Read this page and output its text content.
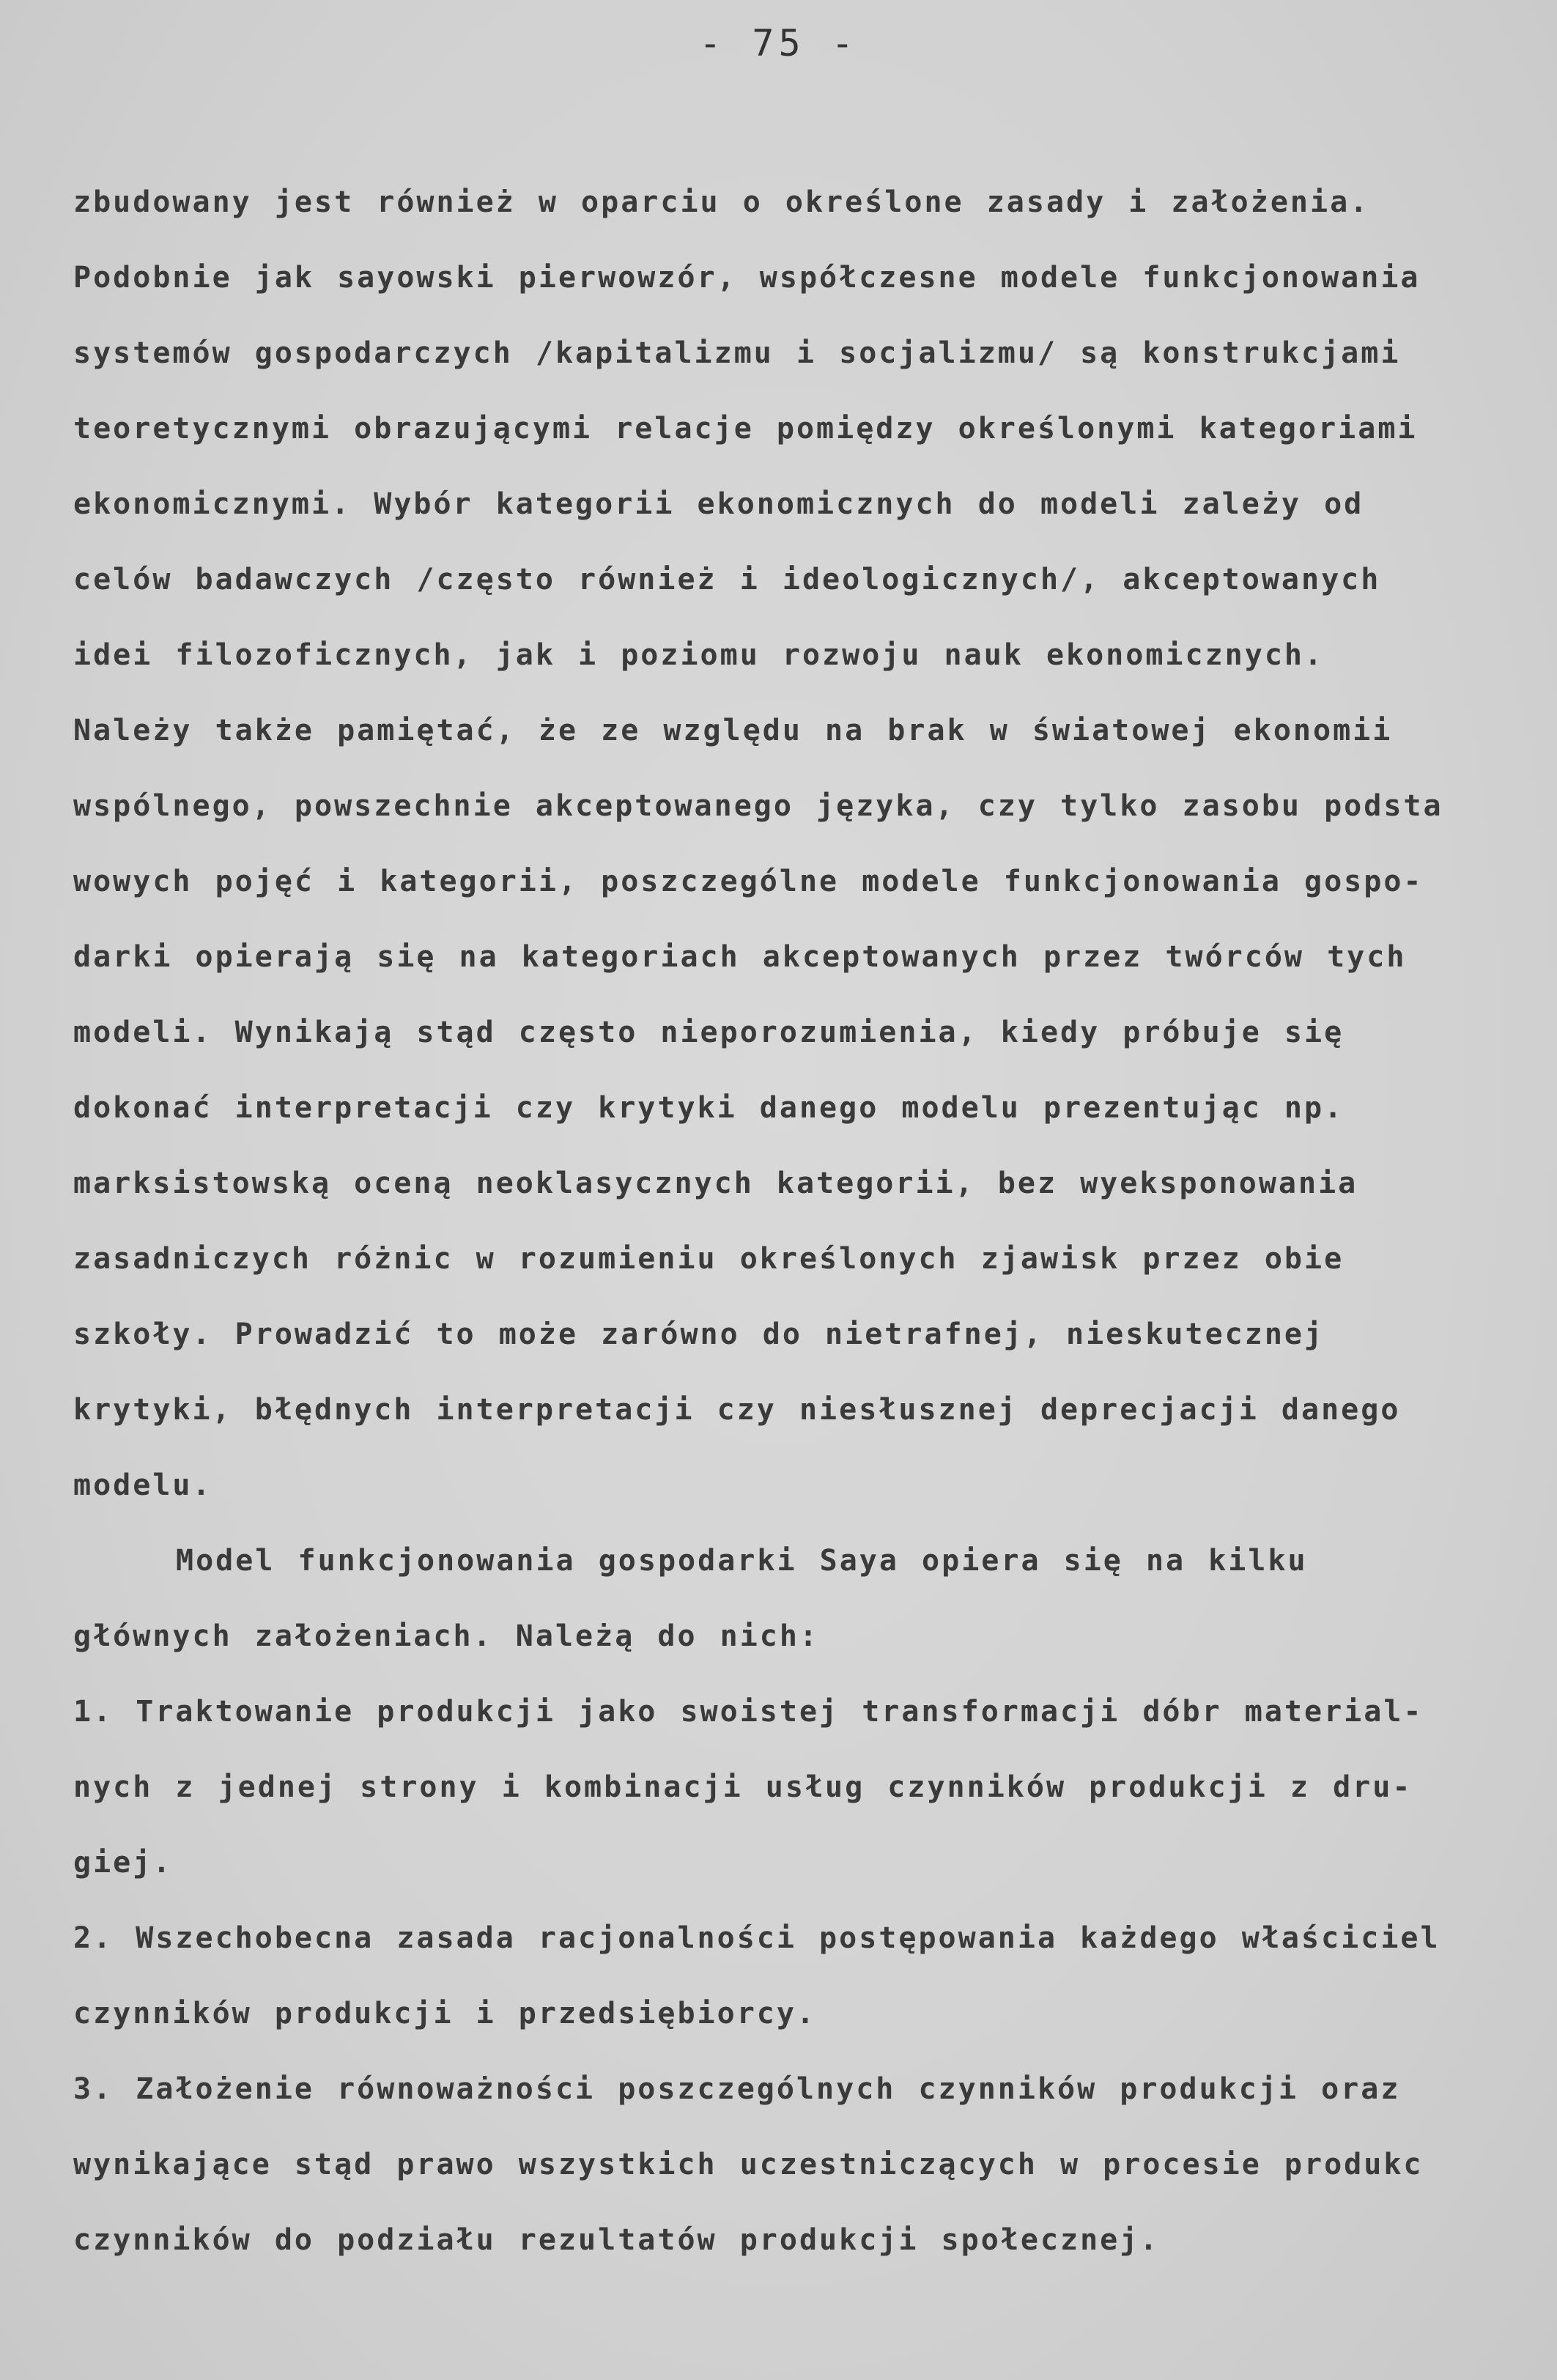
- 75 -
zbudowany jest również w oparciu o określone zasady i założenia.
Podobnie jak sayowski pierwowzór, współczesne modele funkcjonowania
systemów gospodarczych /kapitalizmu i socjalizmu/ są konstrukcjami
teoretycznymi obrazującymi relacje pomiędzy określonymi kategoriami
ekonomicznymi. Wybór kategorii ekonomicznych do modeli zależy od
celów badawczych /często również i ideologicznych/, akceptowanych
idei filozoficznych, jak i poziomu rozwoju nauk ekonomicznych.
Należy także pamiętać, że ze względu na brak w światowej ekonomii
wspólnego, powszechnie akceptowanego języka, czy tylko zasobu podsta
wowych pojęć i kategorii, poszczególne modele funkcjonowania gospo-
darki opierają się na kategoriach akceptowanych przez twórców tych
modeli. Wynikają stąd często nieporozumienia, kiedy próbuje się
dokonać interpretacji czy krytyki danego modelu prezentując np.
marksistowską oceną neoklasycznych kategorii, bez wyeksponowania
zasadniczych różnic w rozumieniu określonych zjawisk przez obie
szkoły. Prowadzić to może zarówno do nietrafnej, nieskutecznej
krytyki, błędnych interpretacji czy niesłusznej deprecjacji danego
modelu.
Model funkcjonowania gospodarki Saya opiera się na kilku
głównych założeniach. Należą do nich:
1. Traktowanie produkcji jako swoistej transformacji dóbr material-
nych z jednej strony i kombinacji usług czynników produkcji z dru-
giej.
2. Wszechobecna zasada racjonalności postępowania każdego właściciel
czynników produkcji i przedsiębiorcy.
3. Założenie równoważności poszczególnych czynników produkcji oraz
wynikające stąd prawo wszystkich uczestniczących w procesie produkc
czynników do podziału rezultatów produkcji społecznej.
